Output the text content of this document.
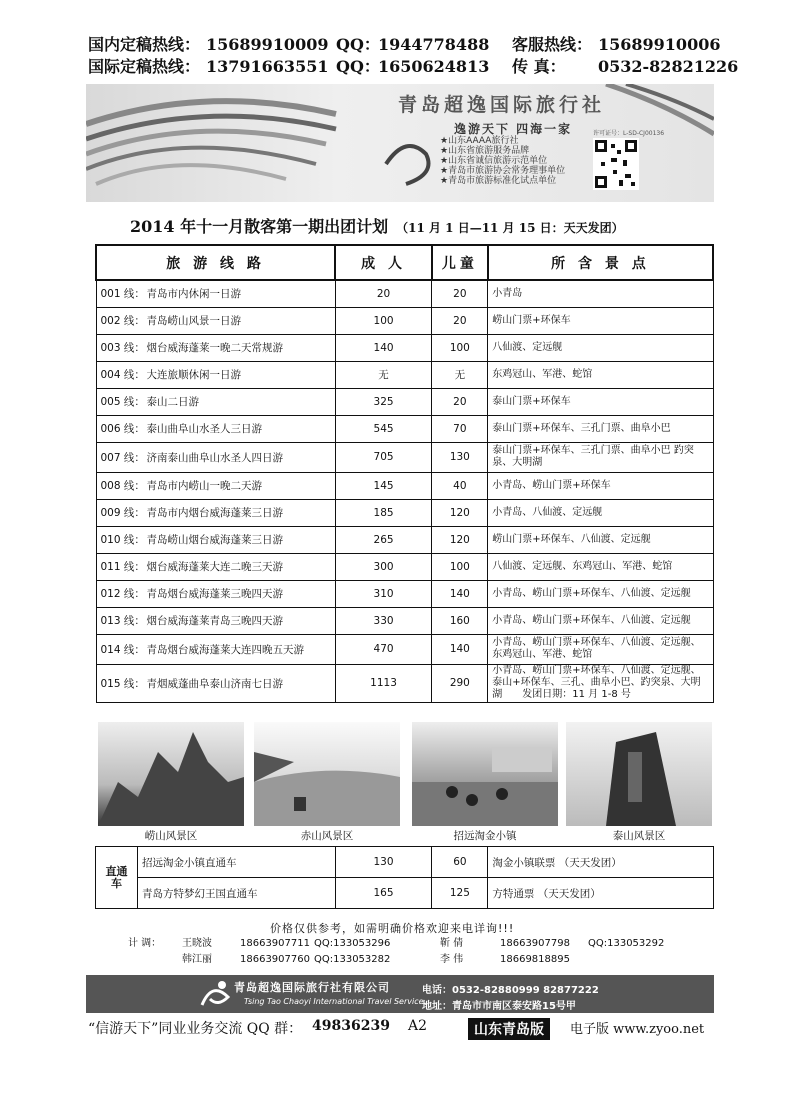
国内定稿热线： 15689910009 QQ：
1944778488 客服热线： 15689910006
国际定稿热线： 13791663551 QQ：
1650624813 传 真： 0532-82821226
青岛超逸国际旅行社
逸游天下 四海一家	许可证号：L-SD-CJ00136
★山东AAAA旅行社
★山东省旅游服务品牌
★山东省诚信旅游示范单位
★青岛市旅游协会常务理事单位
★青岛市旅游标准化试点单位
2014 年十一月散客第一期出团计划 （11 月 1 日—11 月 15 日：天天发团）
旅 游 线 路	成 人	儿童	所 含 景 点
001 线： 青岛市内休闲一日游	20	20	小青岛
002 线： 青岛崂山风景一日游	100	20	崂山门票+环保车
003 线： 烟台威海蓬莱一晚二天常规游	140	100	八仙渡、定远舰
004 线： 大连旅顺休闲一日游	无	无	东鸡冠山、军港、蛇馆
005 线： 泰山二日游	325	20	泰山门票+环保车
006 线： 泰山曲阜山水圣人三日游	545	70	泰山门票+环保车、三孔门票、曲阜小巴
007 线： 济南泰山曲阜山水圣人四日游	705	130	泰山门票+环保车、三孔门票、曲阜小巴 趵突泉、大明湖
008 线： 青岛市内崂山一晚二天游	145	40	小青岛、崂山门票+环保车
009 线： 青岛市内烟台威海蓬莱三日游	185	120	小青岛、八仙渡、定远舰
010 线： 青岛崂山烟台威海蓬莱三日游	265	120	崂山门票+环保车、八仙渡、定远舰
011 线： 烟台威海蓬莱大连二晚三天游	300	100	八仙渡、定远舰、东鸡冠山、军港、蛇馆
012 线： 青岛烟台威海蓬莱三晚四天游	310	140	小青岛、崂山门票+环保车、八仙渡、定远舰
013 线： 烟台威海蓬莱青岛三晚四天游	330	160	小青岛、崂山门票+环保车、八仙渡、定远舰
014 线： 青岛烟台威海蓬莱大连四晚五天游	470	140	小青岛、崂山门票+环保车、八仙渡、定远舰、东鸡冠山、军港、蛇馆
015 线： 青烟威蓬曲阜泰山济南七日游	1113	290	小青岛、崂山门票+环保车、八仙渡、定远舰、泰山+环保车、三孔、曲阜小巴、趵突泉、大明湖　　发团日期：11 月 1-8 号
崂山风景区	赤山风景区	招远淘金小镇	泰山风景区
直通车	招远淘金小镇直通车	130	60	淘金小镇联票 （天天发团）
	青岛方特梦幻王国直通车	165	125	方特通票 （天天发团）
价格仅供参考，如需明确价格欢迎来电详询!!!
计 调： 王晓波	18663907711 QQ:133053296	靳 倩	18663907798 QQ:133053292
韩江丽	18663907760 QQ:133053282	李 伟	18669818895
青岛超逸国际旅行社有限公司
Tsing Tao Chaoyi International Travel Service
电话：0532-82880999 82877222
地址：青岛市市南区泰安路15号甲
“信游天下”同业业务交流 QQ 群： 49836239 A2	山东青岛版	电子版 www.zyoo.net
